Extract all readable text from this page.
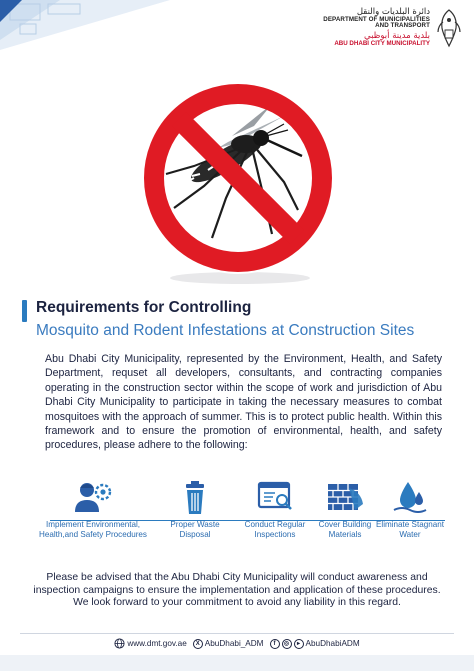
دائرة البلديات والنقل
DEPARTMENT OF MUNICIPALITIES
AND TRANSPORT
بلدية مدينة أبوظبي
ABU DHABI CITY MUNICIPALITY
Requirements for Controlling
Mosquito and Rodent Infestations at Construction Sites

Abu Dhabi City Municipality, represented by the Environment, Health, and Safety Department, requset all developers, consultants, and contracting companies operating in the construction sector within the scope of work and jurisdiction of Abu Dhabi City Municipality to participate in taking the necessary measures to combat mosquitoes with the approach of summer. This is to protect public health. Within this framework and to ensure the promotion of environmental, health, and safety procedures, please adhere to the following:

Implement Environmental,
Health,and Safety Procedures
Proper Waste
Disposal
Conduct Regular
Inspections
Cover Building
Materials
Eliminate Stagnant
Water

Please be advised that the Abu Dhabi City Municipality will conduct awareness and inspection campaigns to ensure the implementation and application of these procedures. We look forward to your commitment to avoid any liability in this regard.

www.dmt.gov.ae	X AbuDhabi_ADM	f	◎	▸ AbuDhabiADM
